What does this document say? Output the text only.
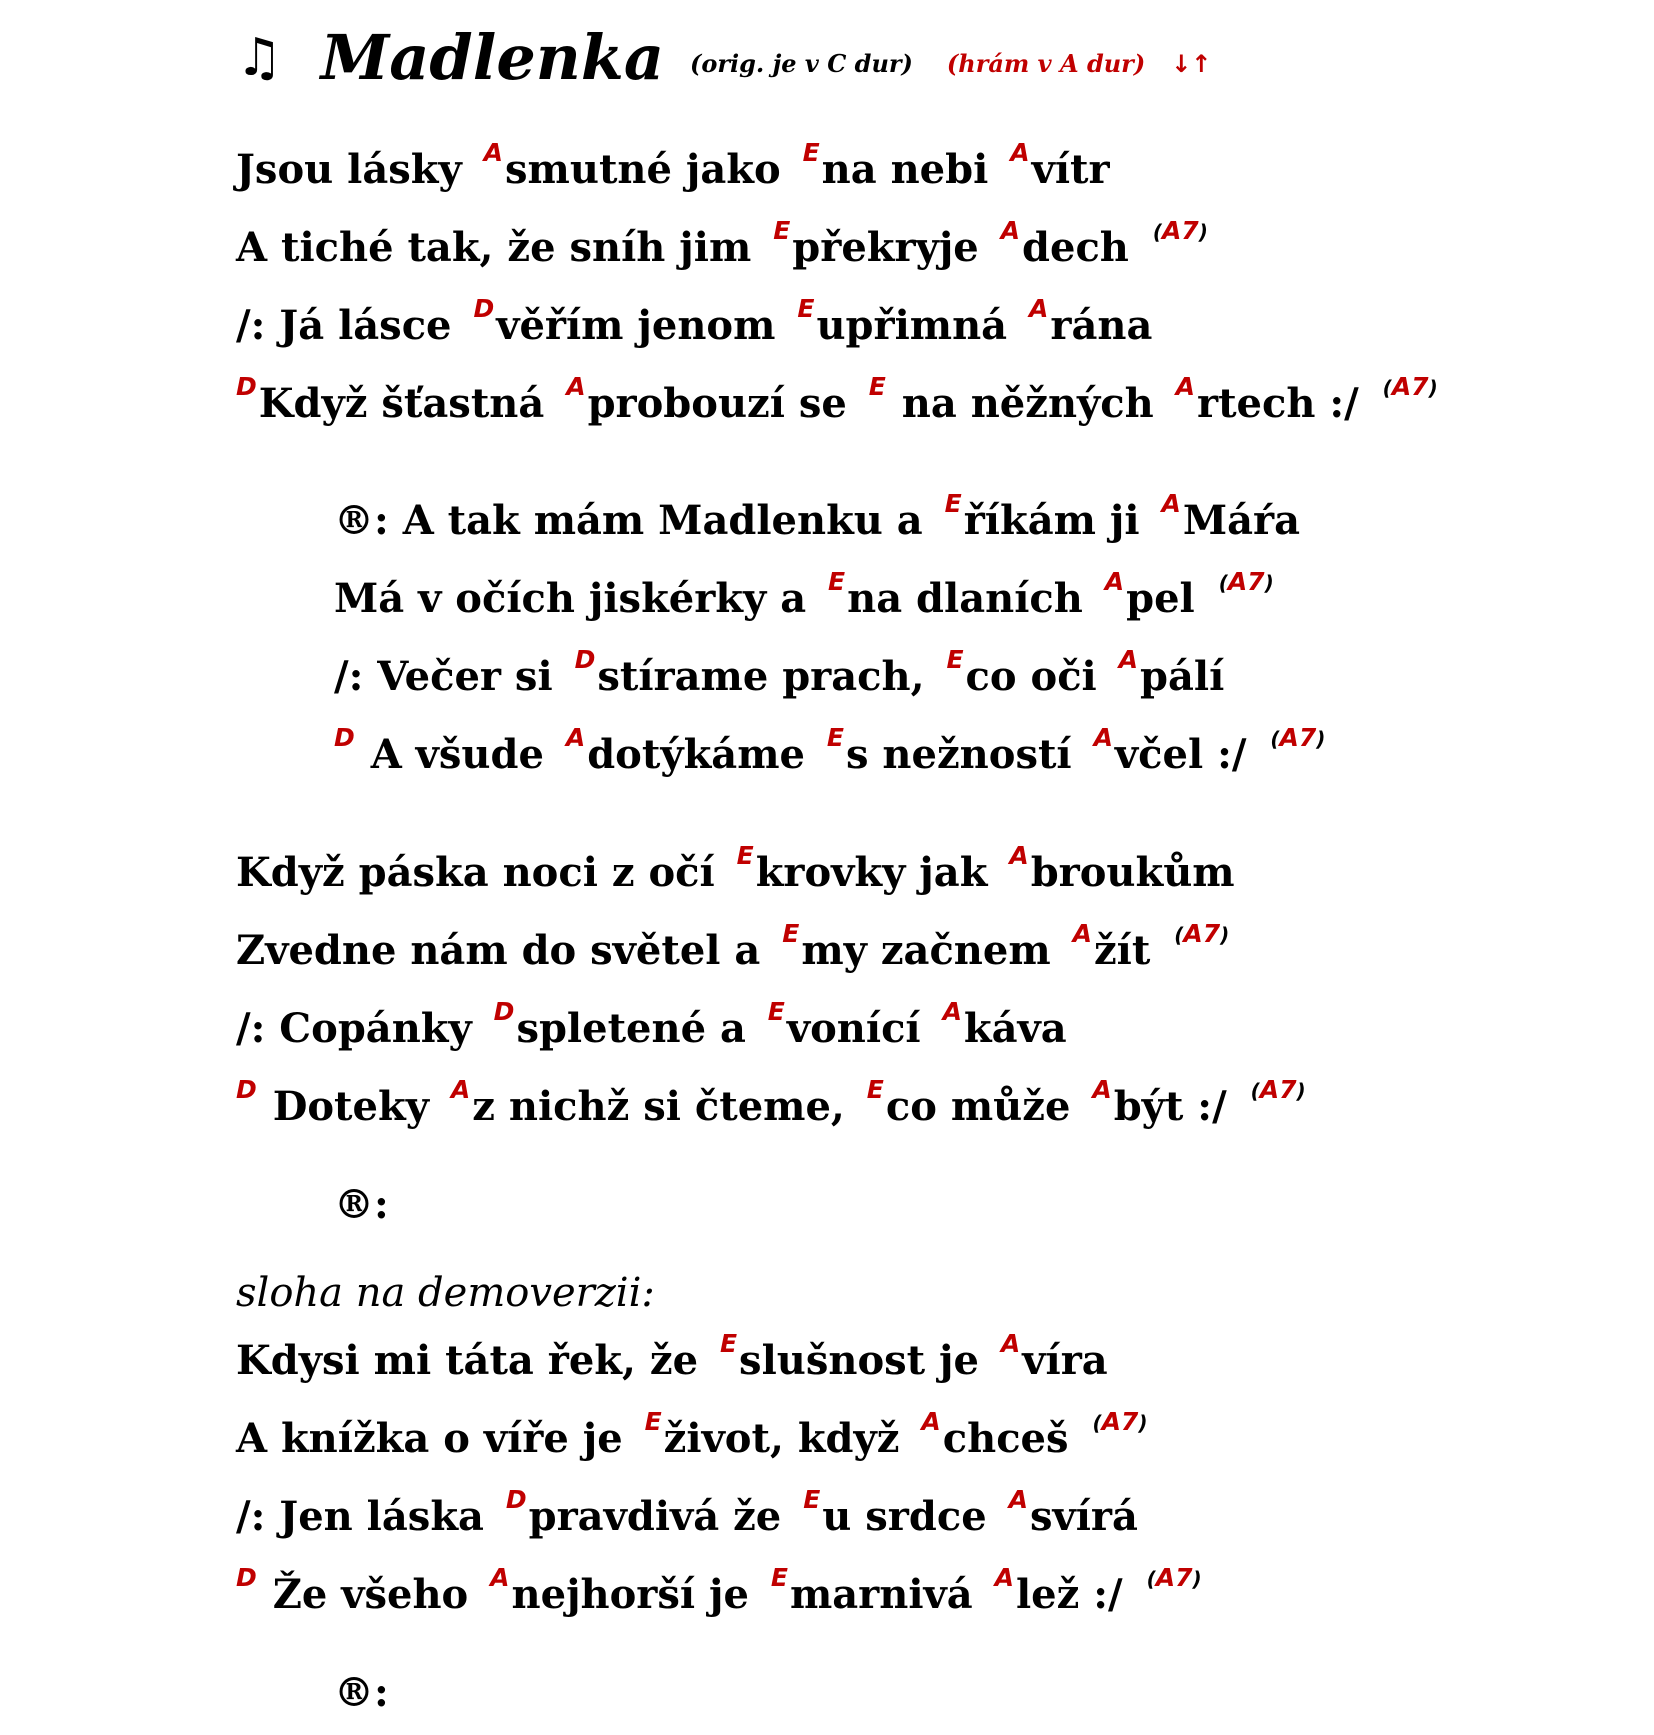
♫ Madlenka (orig. je v C dur) (hrám v A dur) ↓↑
Jsou lásky $^A$smutné jako $^E$na nebi $^A$vítr
A tiché tak, že sníh jim $^E$překryje $^A$dech $^{(A7)}$
/: Já lásce $^D$věřím jenom $^E$upřimná $^A$rána
$^D$Když šťastná $^A$probouzí se $^E$ na něžných $^A$rtech :/ $^{(A7)}$
®: A tak mám Madlenku a $^E$říkám ji $^A$Máŕa
Má v očích jiskérky a $^E$na dlaních $^A$pel $^{(A7)}$
/: Večer si $^D$stírame prach, $^E$co oči $^A$pálí
$^D$ A všude $^A$dotýkáme $^E$s nežností $^A$včel :/ $^{(A7)}$
Když páska noci z očí $^E$krovky jak $^A$broukům
Zvedne nám do světel a $^E$my začnem $^A$žít $^{(A7)}$
/: Copánky $^D$spletené a $^E$vonící $^A$káva
$^D$ Doteky $^A$z nichž si čteme, $^E$co může $^A$být :/ $^{(A7)}$
®:
sloha na demoverzii:
Kdysi mi táta řek, že $^E$slušnost je $^A$víra
A knížka o víře je $^E$život, když $^A$chceš $^{(A7)}$
/: Jen láska $^D$pravdivá že $^E$u srdce $^A$svírá
$^D$ Že všeho $^A$nejhorší je $^E$marnivá $^A$lež :/ $^{(A7)}$
®:
